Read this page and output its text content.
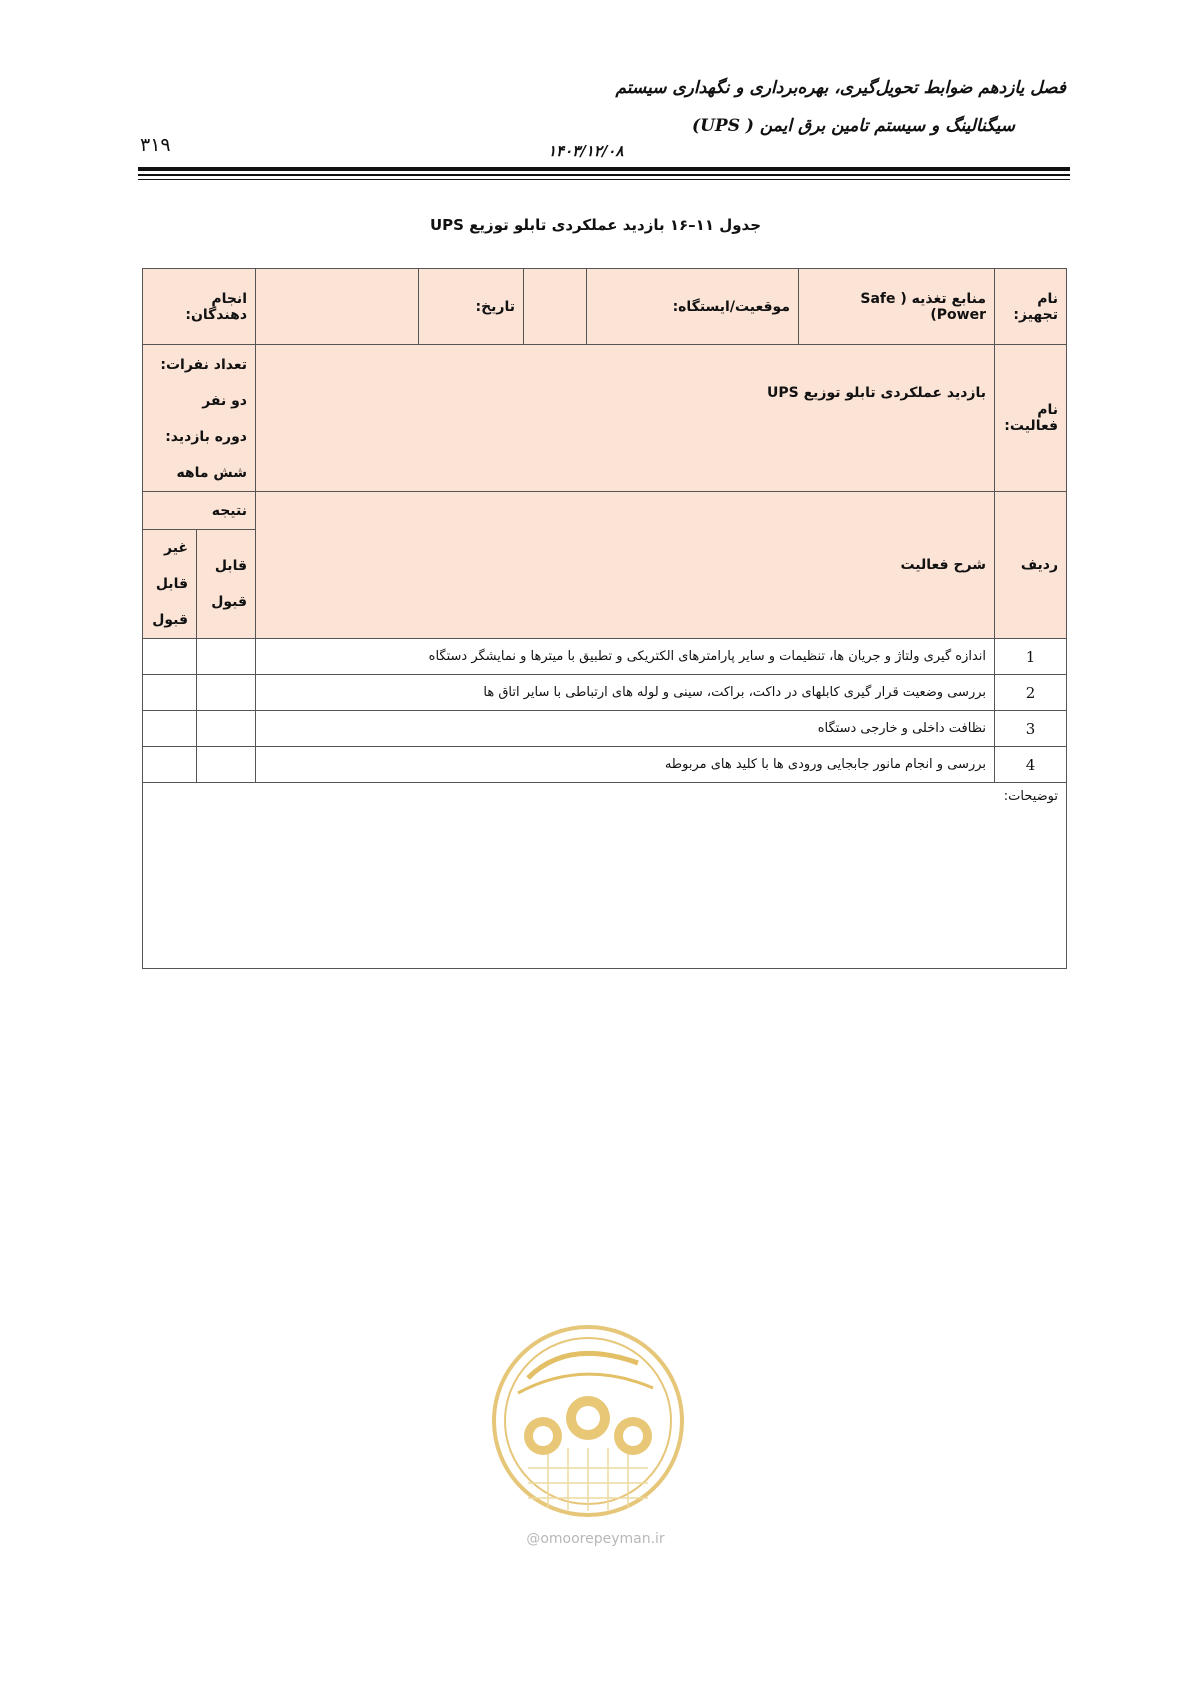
فصل یازدهم ضوابط تحویل‌گیری، بهره‌برداری و نگهداری سیستم
سیگنالینگ و سیستم تامین برق ایمن ( UPS)
۱۴۰۳/۱۲/۰۸
۳۱۹
جدول ۱۱–۱۶ بازدید عملکردی تابلو توزیع UPS
نام تجهیز:	منابع تغذیه ( Safe Power)	موقعیت/ایستگاه:		تاریخ:		انجام دهندگان:	
نام فعالیت:	بازدید عملکردی تابلو توزیع UPS					تعداد نفرات: دو نفر
دوره بازدید: شش ماهه	

ردیف	شرح فعالیت					نتیجه	
						قابل قبول	غیر قابل قبول
1	اندازه گیری ولتاژ و جریان ها، تنظیمات و سایر پارامترهای الکتریکی و تطبیق با میترها و نمایشگر دستگاه						
2	بررسی وضعیت قرار گیری کابلهای در داکت، براکت، سینی و لوله های ارتباطی با سایر اتاق ها						
3	نظافت داخلی و خارجی دستگاه						
4	بررسی و انجام مانور جابجایی ورودی ها با کلید های مربوطه						
توضیحات:							
@omoorepeyman.ir
